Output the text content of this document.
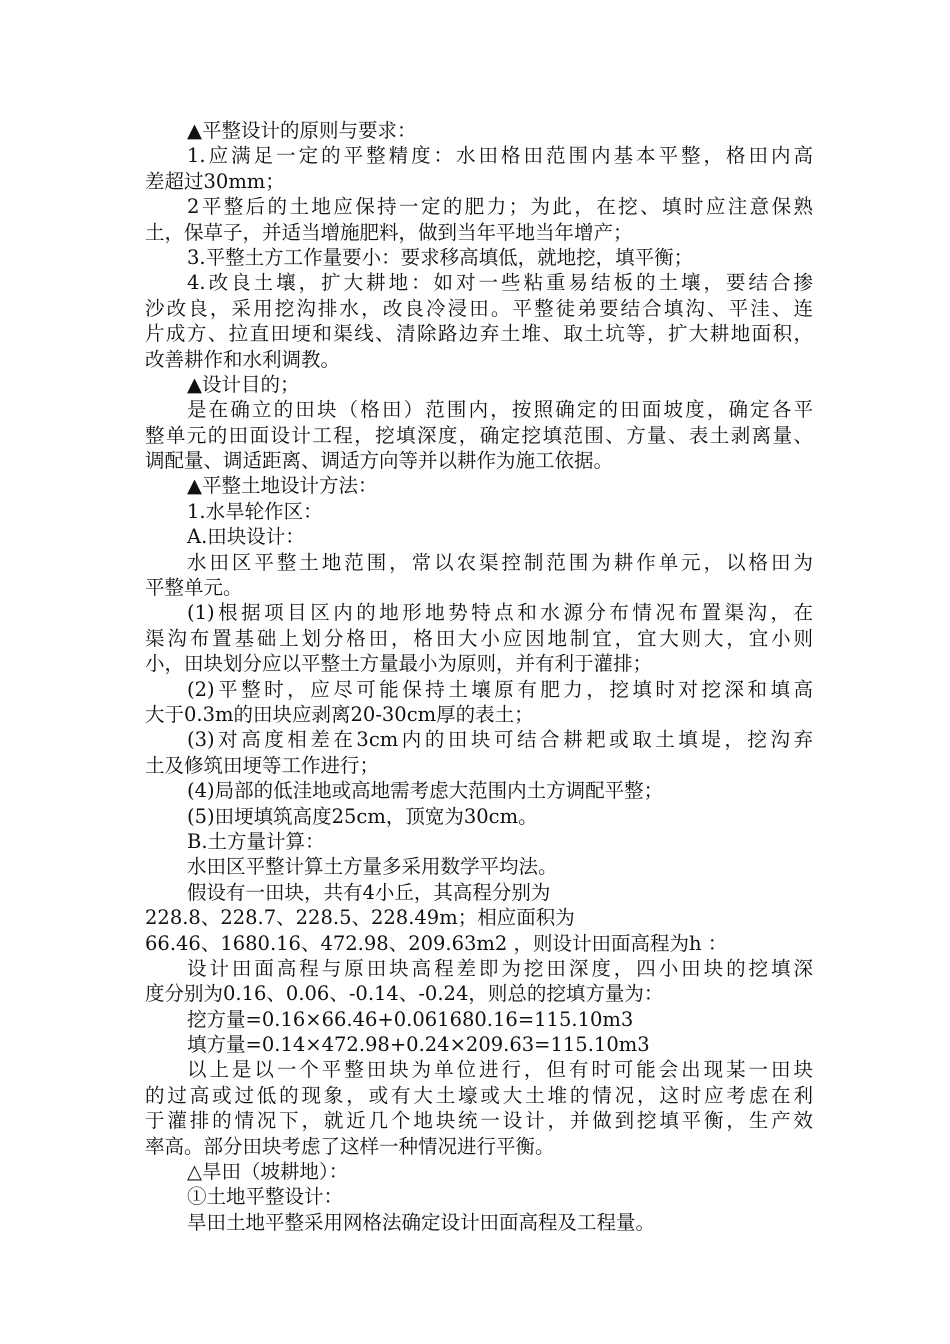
▲平整设计的原则与要求：
1.应满足一定的平整精度：水田格田范围内基本平整，格田内高
差超过30mm；
2平整后的土地应保持一定的肥力；为此，在挖、填时应注意保熟
土，保草子，并适当增施肥料，做到当年平地当年增产；
3.平整土方工作量要小：要求移高填低，就地挖，填平衡；
4.改良土壤，扩大耕地：如对一些粘重易结板的土壤，要结合掺
沙改良，采用挖沟排水，改良冷浸田。平整徒弟要结合填沟、平洼、连
片成方、拉直田埂和渠线、清除路边弃土堆、取土坑等，扩大耕地面积，
改善耕作和水利调教。
▲设计目的；
是在确立的田块（格田）范围内，按照确定的田面坡度，确定各平
整单元的田面设计工程，挖填深度，确定挖填范围、方量、表土剥离量、
调配量、调适距离、调适方向等并以耕作为施工依据。
▲平整土地设计方法：
1.水旱轮作区：
A.田块设计：
水田区平整土地范围，常以农渠控制范围为耕作单元，以格田为
平整单元。
(1)根据项目区内的地形地势特点和水源分布情况布置渠沟，在
渠沟布置基础上划分格田，格田大小应因地制宜，宜大则大，宜小则
小，田块划分应以平整土方量最小为原则，并有利于灌排；
(2)平整时，应尽可能保持土壤原有肥力，挖填时对挖深和填高
大于0.3m的田块应剥离20-30cm厚的表土；
(3)对高度相差在3cm内的田块可结合耕耙或取土填堤，挖沟弃
土及修筑田埂等工作进行；
(4)局部的低洼地或高地需考虑大范围内土方调配平整；
(5)田埂填筑高度25cm，顶宽为30cm。
B.土方量计算：
水田区平整计算土方量多采用数学平均法。
假设有一田块，共有4小丘，其高程分别为
228.8、228.7、228.5、228.49m；相应面积为
66.46、1680.16、472.98、209.63m2 ，则设计田面高程为h ：
设计田面高程与原田块高程差即为挖田深度，四小田块的挖填深
度分别为0.16、0.06、-0.14、-0.24，则总的挖填方量为：
挖方量=0.16×66.46+0.061680.16=115.10m3
填方量=0.14×472.98+0.24×209.63=115.10m3
以上是以一个平整田块为单位进行，但有时可能会出现某一田块
的过高或过低的现象，或有大土壕或大土堆的情况，这时应考虑在利
于灌排的情况下，就近几个地块统一设计，并做到挖填平衡，生产效
率高。部分田块考虑了这样一种情况进行平衡。
△旱田（坡耕地）：
①土地平整设计：
旱田土地平整采用网格法确定设计田面高程及工程量。
